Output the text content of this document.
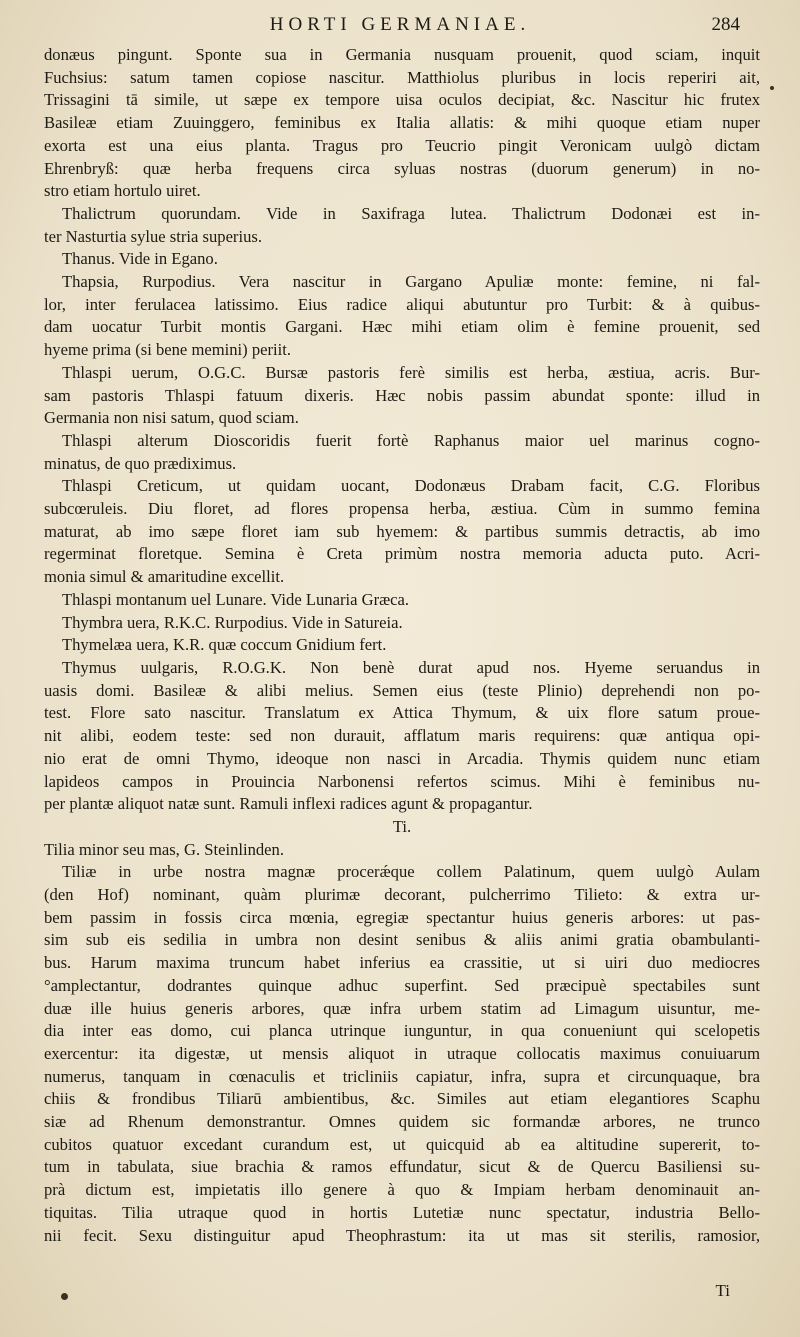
HORTI GERMANIAE.	284
donæus pingunt. Sponte sua in Germania nusquam prouenit, quod sciam, inquit
Fuchsius: satum tamen copiose nascitur. Matthiolus pluribus in locis reperiri ait,
Trissagini tā simile, ut sæpe ex tempore uisa oculos decipiat, &c. Nascitur hic frutex
Basileæ etiam Zuuinggero, feminibus ex Italia allatis: & mihi quoque etiam nuper
exorta est una eius planta. Tragus pro Teucrio pingit Veronicam uulgò dictam
Ehrenbryß: quæ herba frequens circa syluas nostras (duorum generum) in no-
stro etiam hortulo uiret.
Thalictrum quorundam. Vide in Saxifraga lutea. Thalictrum Dodonæi est in-
ter Nasturtia sylue stria superius.
Thanus. Vide in Egano.
Thapsia, Rurpodius. Vera nascitur in Gargano Apuliæ monte: femine, ni fal-
lor, inter ferulacea latissimo. Eius radice aliqui abutuntur pro Turbit: & à quibus-
dam uocatur Turbit montis Gargani. Hæc mihi etiam olim è femine prouenit, sed
hyeme prima (si bene memini) periit.
Thlaspi uerum, O.G.C. Bursæ pastoris ferè similis est herba, æstiua, acris. Bur-
sam pastoris Thlaspi fatuum dixeris. Hæc nobis passim abundat sponte: illud in
Germania non nisi satum, quod sciam.
Thlaspi alterum Dioscoridis fuerit fortè Raphanus maior uel marinus cogno-
minatus, de quo prædiximus.
Thlaspi Creticum, ut quidam uocant, Dodonæus Drabam facit, C.G. Floribus
subcœruleis. Diu floret, ad flores propensa herba, æstiua. Cùm in summo femina
maturat, ab imo sæpe floret iam sub hyemem: & partibus summis detractis, ab imo
regerminat floretque. Semina è Creta primùm nostra memoria aducta puto. Acri-
monia simul & amaritudine excellit.
Thlaspi montanum uel Lunare. Vide Lunaria Græca.
Thymbra uera, R.K.C. Rurpodius. Vide in Satureia.
Thymelæa uera, K.R. quæ coccum Gnidium fert.
Thymus uulgaris, R.O.G.K. Non benè durat apud nos. Hyeme seruandus in
uasis domi. Basileæ & alibi melius. Semen eius (teste Plinio) deprehendi non po-
test. Flore sato nascitur. Translatum ex Attica Thymum, & uix flore satum proue-
nit alibi, eodem teste: sed non durauit, afflatum maris requirens: quæ antiqua opi-
nio erat de omni Thymo, ideoque non nasci in Arcadia. Thymis quidem nunc etiam
lapideos campos in Prouincia Narbonensi refertos scimus. Mihi è feminibus nu-
per plantæ aliquot natæ sunt. Ramuli inflexi radices agunt & propagantur.
Ti.
Tilia minor seu mas, G. Steinlinden.
Tiliæ in urbe nostra magnæ procerǽque collem Palatinum, quem uulgò Aulam
(den Hof) nominant, quàm plurimæ decorant, pulcherrimo Tilieto: & extra ur-
bem passim in fossis circa mœnia, egregiæ spectantur huius generis arbores: ut pas-
sim sub eis sedilia in umbra non desint senibus & aliis animi gratia obambulanti-
bus. Harum maxima truncum habet inferius ea crassitie, ut si uiri duo mediocres
°amplectantur, dodrantes quinque adhuc superfint. Sed præcipuè spectabiles sunt
duæ ille huius generis arbores, quæ infra urbem statim ad Limagum uisuntur, me-
dia inter eas domo, cui planca utrinque iunguntur, in qua conueniunt qui scelopetis
exercentur: ita digestæ, ut mensis aliquot in utraque collocatis maximus conuiuarum
numerus, tanquam in cœnaculis et tricliniis capiatur, infra, supra et circunquaque, bra
chiis & frondibus Tiliarū ambientibus, &c. Similes aut etiam elegantiores Scaphu
siæ ad Rhenum demonstrantur. Omnes quidem sic formandæ arbores, ne trunco
cubitos quatuor excedant curandum est, ut quicquid ab ea altitudine supererit, to-
tum in tabulata, siue brachia & ramos effundatur, sicut & de Quercu Basiliensi su-
prà dictum est, impietatis illo genere à quo & Impiam herbam denominauit an-
tiquitas. Tilia utraque quod in hortis Lutetiæ nunc spectatur, industria Bello-
nii fecit. Sexu distinguitur apud Theophrastum: ita ut mas sit sterilis, ramosior,
Ti
